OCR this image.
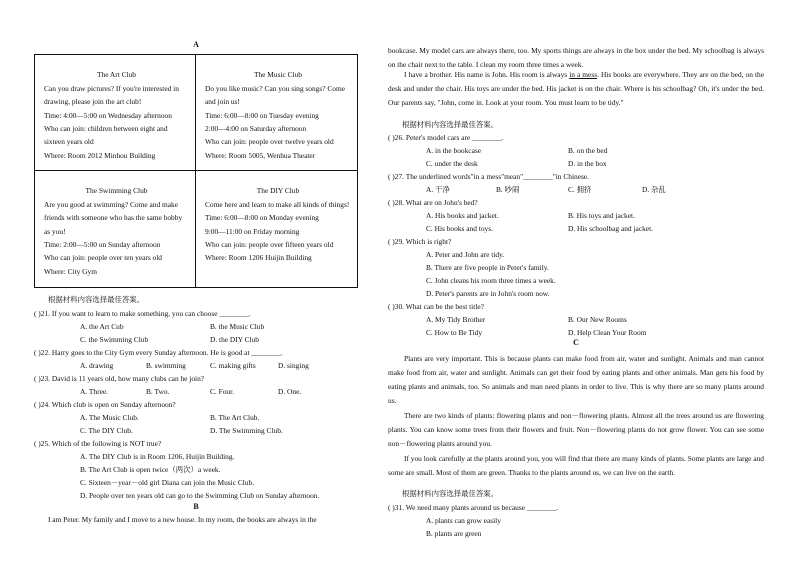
A

The Art Club

Can you draw pictures? If you're interested in drawing, please join the art club!

Time: 4:00—5:00 on Wednesday afternoon

Who can join: children between eight and sixteen years old

Where: Room 2012 Minhou Building

The Music Club

Do you like music? Can you sing songs? Come and join us!

Time: 6:00—8:00 on Tuesday evening

2:00—4:00 on Saturday afternoon

Who can join: people over twelve years old

Where: Room 5005, Wenhua Theater

The Swimming Club

Are you good at swimming? Come and make friends with someone who has the same hobby as you!

Time: 2:00—5:00 on Sunday afternoon

Who can join: people over ten years old

Where: City Gym

The DIY Club

Come here and learn to make all kinds of things!

Time: 6:00—8:00 on Monday evening

9:00—11:00 on Friday morning

Who can join: people over fifteen years old

Where: Room 1206 Huijin Building

根据材料内容选择最佳答案。

( )21. If you want to learn to make something, you can choose ________.

A. the Art Cub	B. the Music Club

C. the Swimming Club	D. the DIY Club

( )22. Harry goes to the City Gym every Sunday afternoon. He is good at ________.

A. drawing	B. swimming	C. making gifts	D. singing

( )23. David is 11 years old, how many clubs can he join?

A. Three.	B. Two.	C. Four.	D. One.

( )24. Which club is open on Sunday afternoon?

A. The Music Club.	B. The Art Club.

C. The DIY Club.	D. The Swimming Club.

( )25. Which of the following is NOT true?

A. The DIY Club is in Room 1206, Huijin Building.

B. The Art Club is open twice（两次）a week.

C. Sixteen－year－old girl Diana can join the Music Club.

D. People over ten years old can go to the Swimming Club on Sunday afternoon.

B

I am Peter. My family and I move to a new house. In my room, the books are always in the

bookcase. My model cars are always there, too. My sports things are always in the box under the bed. My schoolbag is always on the chair next to the table. I clean my room three times a week.

I have a brother. His name is John. His room is always in a mess. His books are everywhere. They are on the bed, on the desk and under the chair. His toys are under the bed. His jacket is on the chair. Where is his schoolbag? Oh, it's under the bed. Our parents say, "John, come in. Look at your room. You must learn to be tidy."

根据材料内容选择最佳答案。

( )26. Peter's model cars are ________.

A. in the bookcase	B. on the bed

C. under the desk	D. in the box

( )27. The underlined words"in a mess"mean"________"in Chinese.

A. 干净	B. 吵闹	C. 拥挤	D. 杂乱

( )28. What are on John's bed?

A. His books and jacket.	B. His toys and jacket.

C. His books and toys.	D. His schoolbag and jacket.

( )29. Which is right?

A. Peter and John are tidy.

B. There are five people in Peter's family.

C. John cleans his room three times a week.

D. Peter's parents are in John's room now.

( )30. What can be the best title?

A. My Tidy Brother	B. Our New Rooms

C. How to Be Tidy	D. Help Clean Your Room

C

Plants are very important. This is because plants can make food from air, water and sunlight. Animals and man cannot make food from air, water and sunlight. Animals can get their food by eating plants and other animals. Man gets his food by eating plants and animals, too. So animals and man need plants in order to live. This is why there are so many plants around us.

There are two kinds of plants: flowering plants and non－flowering plants. Almost all the trees around us are flowering plants. You can know some trees from their flowers and fruit. Non－flowering plants do not grow flower. You can see some non－flowering plants around you.

If you look carefully at the plants around you, you will find that there are many kinds of plants. Some plants are large and some are small. Most of them are green. Thanks to the plants around us, we can live on the earth.

根据材料内容选择最佳答案。

( )31. We need many plants around us because ________.

A. plants can grow easily

B. plants are green
